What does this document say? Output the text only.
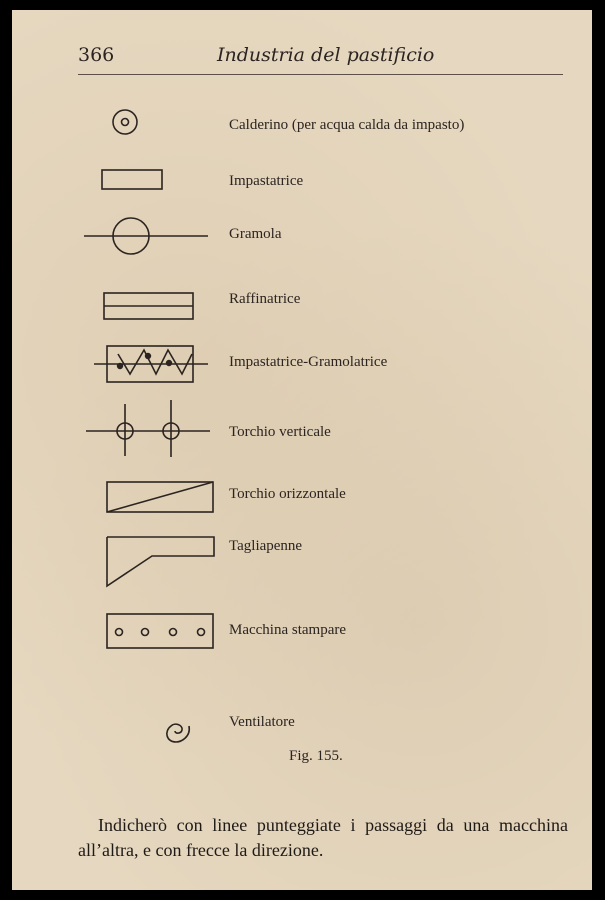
366	Industria del pastificio
Calderino (per acqua calda da impasto)
Impastatrice
Gramola
Raffinatrice
Impastatrice-Gramolatrice
Torchio verticale
Torchio orizzontale
Tagliapenne
Macchina stampare
Ventilatore
Fig. 155.
Indicherò con linee punteggiate i passaggi da una macchina all’altra, e con frecce la direzione.
